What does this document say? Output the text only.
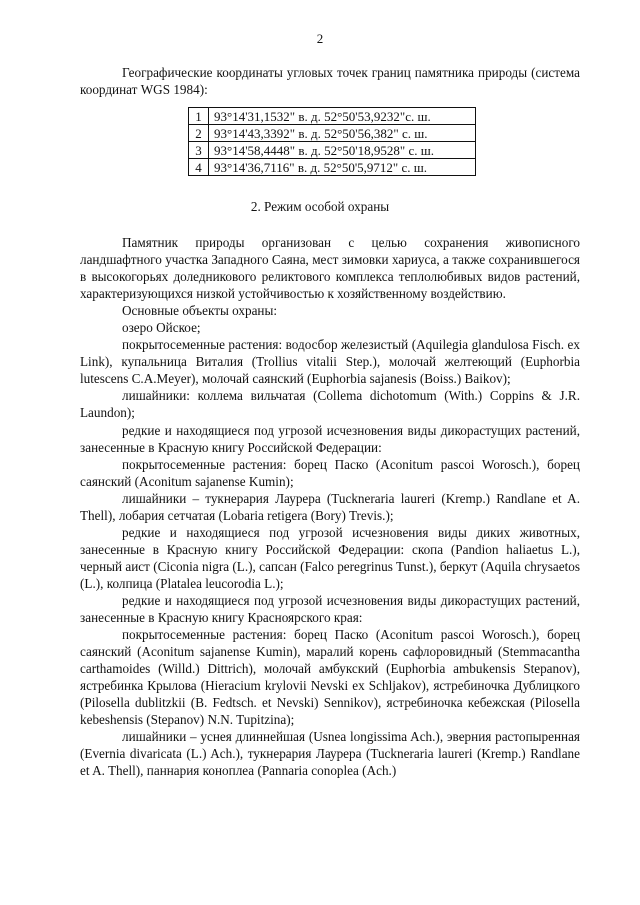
2
Географические координаты угловых точек границ памятника природы (система координат WGS 1984):
1	93°14'31,1532" в. д. 52°50'53,9232"с. ш.
2	93°14'43,3392" в. д. 52°50'56,382" с. ш.
3	93°14'58,4448" в. д. 52°50'18,9528" с. ш.
4	93°14'36,7116" в. д. 52°50'5,9712" с. ш.
2. Режим особой охраны

Памятник природы организован с целью сохранения живописного ландшафтного участка Западного Саяна, мест зимовки хариуса, а также сохранившегося в высокогорьях доледникового реликтового комплекса теплолюбивых видов растений, характеризующихся низкой устойчивостью к хозяйственному воздействию.

Основные объекты охраны:

озеро Ойское;

покрытосеменные растения: водосбор железистый (Aquilegia glandulosa Fisch. ex Link), купальница Виталия (Trollius vitalii Step.), молочай желтеющий (Euphorbia lutescens C.A.Meyer), молочай саянский (Euphorbia sajanesis (Boiss.) Baikov);

лишайники: коллема вильчатая (Collema dichotomum (With.) Coppins & J.R. Laundon);

редкие и находящиеся под угрозой исчезновения виды дикорастущих растений, занесенные в Красную книгу Российской Федерации:

покрытосеменные растения: борец Паско (Aconitum pascoi Worosch.), борец саянский (Aconitum sajanense Kumin);

лишайники – тукнерария Лаурера (Tuckneraria laureri (Kremp.) Randlane et A. Thell), лобария сетчатая (Lobaria retigera (Bory) Trevis.);

редкие и находящиеся под угрозой исчезновения виды диких животных, занесенные в Красную книгу Российской Федерации: скопа (Pandion haliaetus L.), черный аист (Ciconia nigra (L.), сапсан (Falco peregrinus Tunst.), беркут (Aquila chrysaetos (L.), колпица (Platalea leucorodia L.);

редкие и находящиеся под угрозой исчезновения виды дикорастущих растений, занесенные в Красную книгу Красноярского края:

покрытосеменные растения: борец Паско (Aconitum pascoi Worosch.), борец саянский (Aconitum sajanense Kumin), маралий корень сафлоровидный (Stemmacantha carthamoides (Willd.) Dittrich), молочай амбукский (Euphorbia ambukensis Stepanov), ястребинка Крылова (Hieracium krylovii Nevski ex Schljakov), ястребиночка Дублицкого (Pilosella dublitzkii (B. Fedtsch. et Nevski) Sennikov), ястребиночка кебежская (Pilosella kebeshensis (Stepanov) N.N. Tupitzina);

лишайники – уснея длиннейшая (Usnea longissima Ach.), эверния растопыренная (Evernia divaricata (L.) Ach.), тукнерария Лаурера (Tuckneraria laureri (Kremp.) Randlane et A. Thell), паннария коноплеа (Pannaria conoplea (Ach.)
